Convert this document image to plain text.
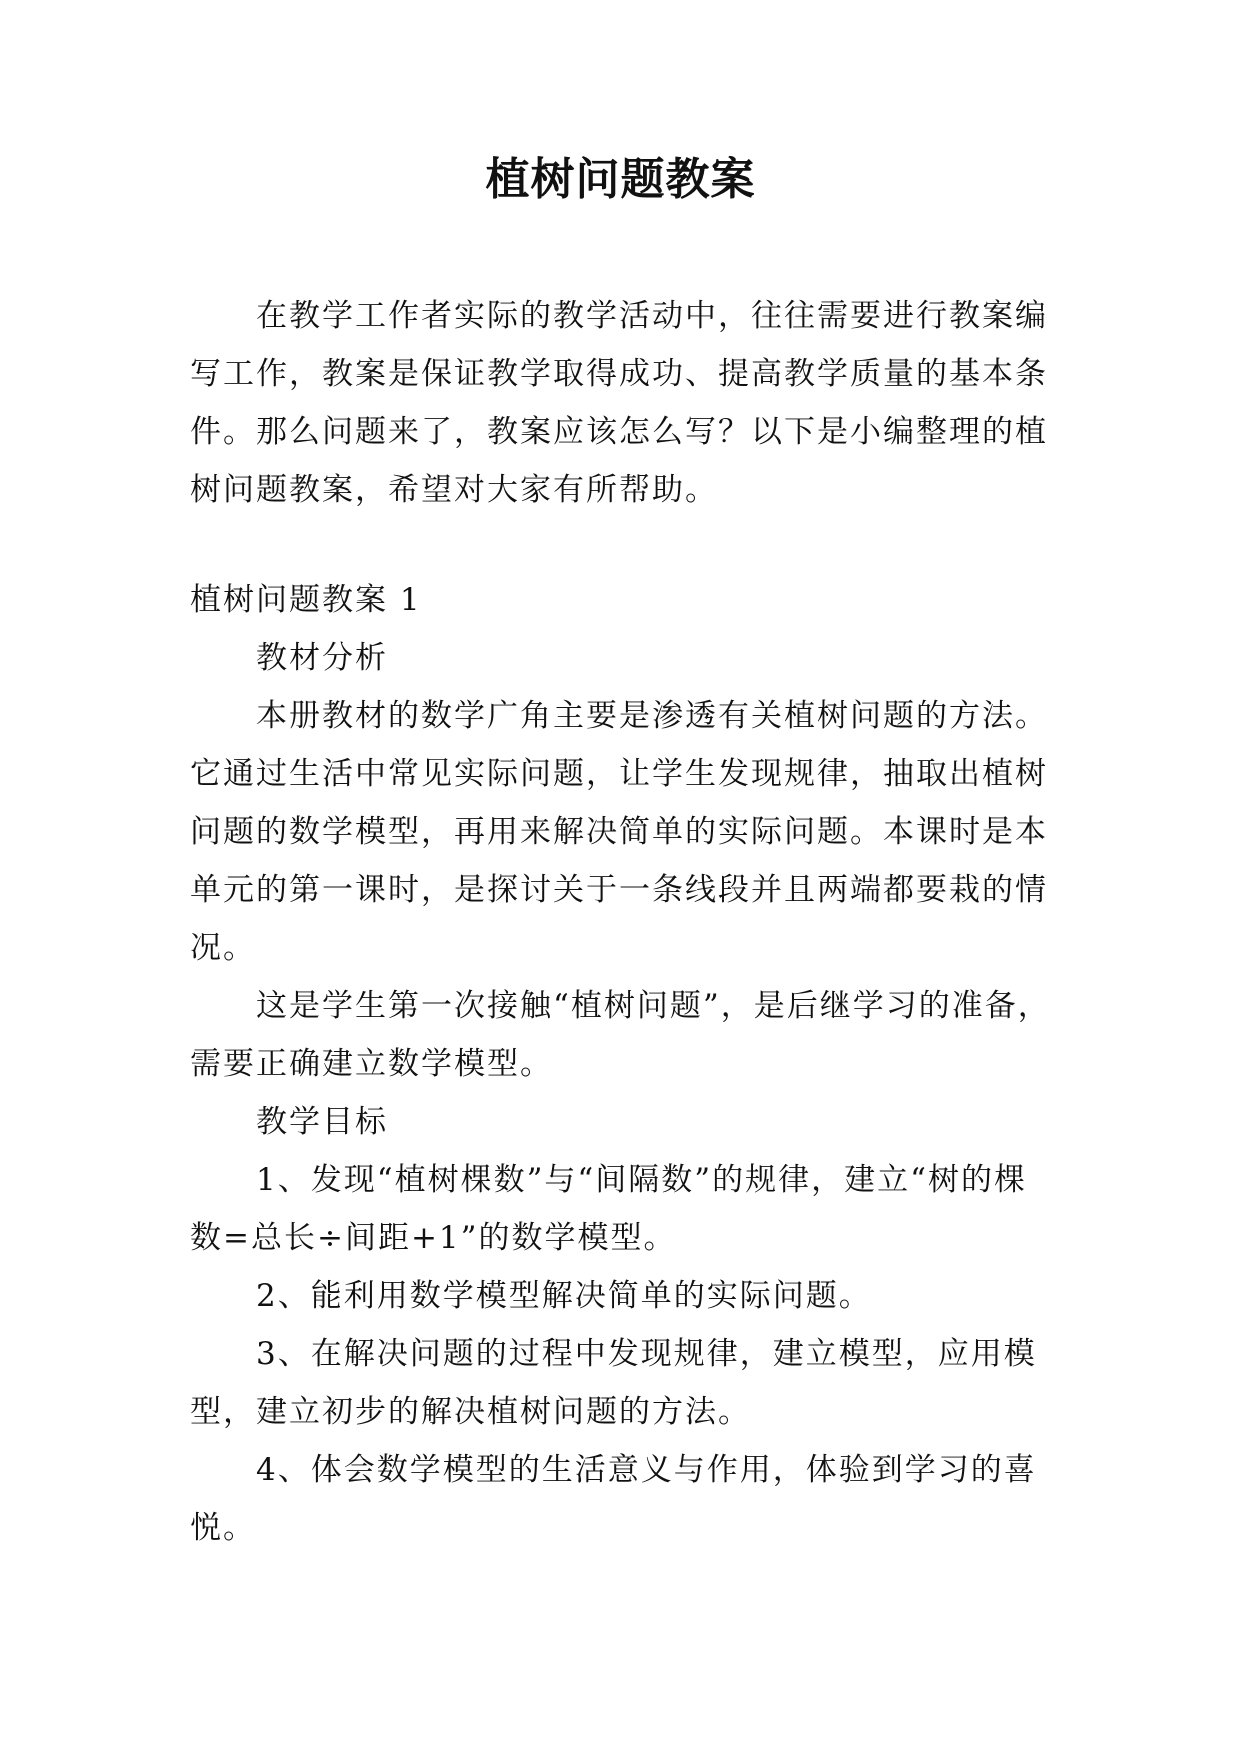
植树问题教案

在教学工作者实际的教学活动中，往往需要进行教案编写工作，教案是保证教学取得成功、提高教学质量的基本条件。那么问题来了，教案应该怎么写？以下是小编整理的植树问题教案，希望对大家有所帮助。

植树问题教案 1

教材分析

本册教材的数学广角主要是渗透有关植树问题的方法。它通过生活中常见实际问题，让学生发现规律，抽取出植树问题的数学模型，再用来解决简单的实际问题。本课时是本单元的第一课时，是探讨关于一条线段并且两端都要栽的情况。

这是学生第一次接触“植树问题”，是后继学习的准备，需要正确建立数学模型。

教学目标

1、发现“植树棵数”与“间隔数”的规律，建立“树的棵数=总长÷间距+1”的数学模型。

2、能利用数学模型解决简单的实际问题。

3、在解决问题的过程中发现规律，建立模型，应用模型，建立初步的解决植树问题的方法。

4、体会数学模型的生活意义与作用，体验到学习的喜悦。
